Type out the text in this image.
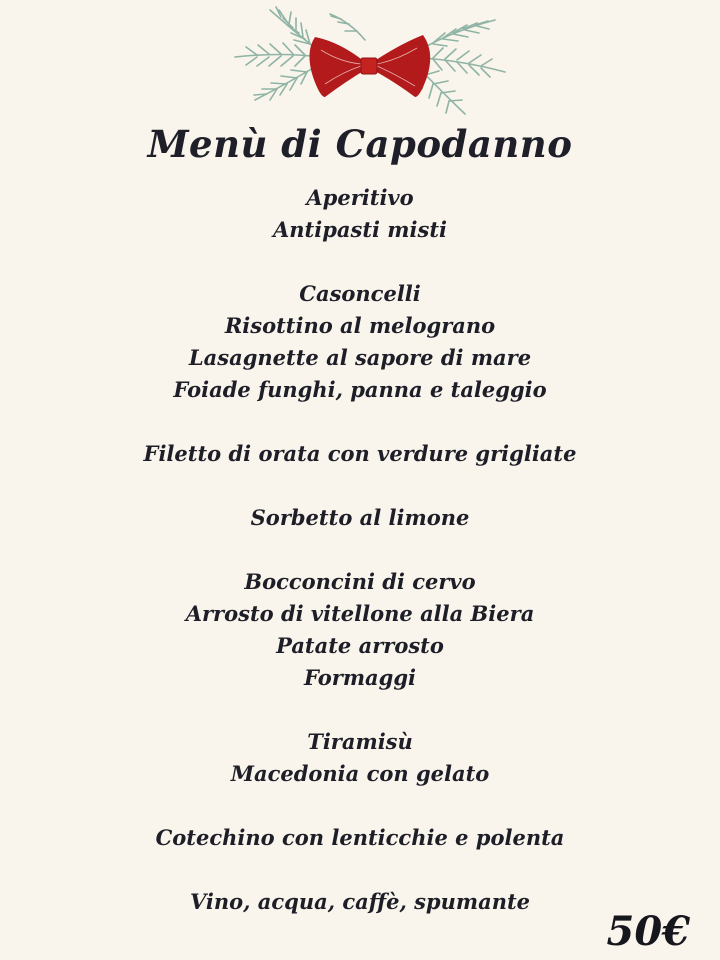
Menù di Capodanno
Aperitivo
Antipasti misti
Casoncelli
Risottino al melograno
Lasagnette al sapore di mare
Foiade funghi, panna e taleggio
Filetto di orata con verdure grigliate
Sorbetto al limone
Bocconcini di cervo
Arrosto di vitellone alla Biera
Patate arrosto
Formaggi
Tiramisù
Macedonia con gelato
Cotechino con lenticchie e polenta
Vino, acqua, caffè, spumante
50€
